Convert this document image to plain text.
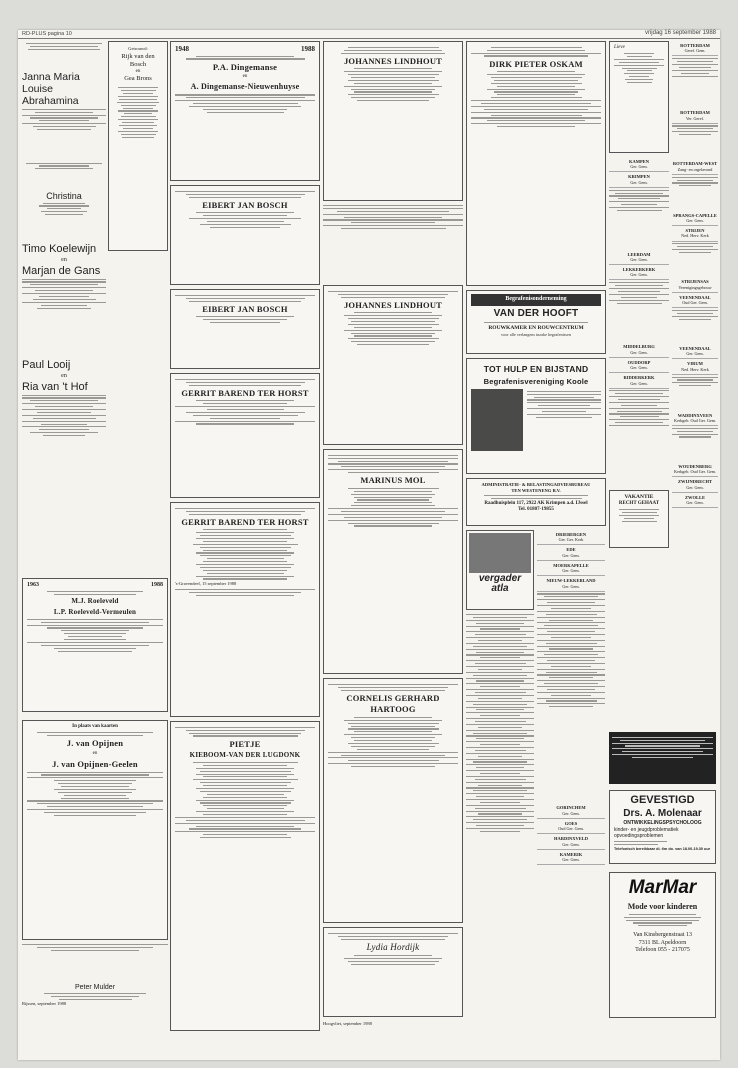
RD-PLUS pagina 10	vrijdag 16 september 1988
Janna Maria
Louise Abrahamina
Christina
Timo Koelewijn
en
Marjan de Gans
Paul Looij
en
Ria van 't Hof

Getrouwd:

Rijk van den Bosch
en
Gea Brons
1963	1988
M.J. Roeleveld
L.P. Roeleveld-Vermeulen
In plaats van kaarten
J. van Opijnen
en
J. van Opijnen-Geelen
Peter Mulder
Rijssen, september 1988
1948	1988
P.A. Dingemanse
en
A. Dingemanse-Nieuwenhuyse
EIBERT JAN BOSCH
EIBERT JAN BOSCH
GERRIT BAREND TER HORST
GERRIT BAREND TER HORST
's-Gravendeel, 15 september 1988
PIETJE
KIEBOOM-VAN DER LUGDONK
JOHANNES LINDHOUT
JOHANNES LINDHOUT
MARINUS MOL
CORNELIS GERHARD
HARTOOG
Lydia Hordijk
Hoogvliet, september 1988
DIRK PIETER OSKAM
Begrafenisonderneming
VAN DER HOOFT
ROUWKAMER EN ROUWCENTRUM
voor alle verlangens inzake begrafenissen
TOT HULP EN BIJSTAND
Begrafenisvereniging Koole
ADMINISTRATIE- & BELASTINGADVIESBUREAU
TEN WESTENENG B.V.
Raadhuisplein 117, 2922 AK Krimpen a.d. IJssel
Tel. 01807-19855
vergader
atla
DRIEBERGEN
Ger. Ger. Kerk
EDE
Ger. Gem.
MOERKAPELLE
Ger. Gem.
NIEUW-LEKKERLAND
Ger. Gem.
GORINCHEM
Ger. Gem.
GOES
Oud Ger. Gem.
HARDINXVELD
Ger. Gem.
KAMERIK
Ger. Gem.
Lieve
KAMPEN
Ger. Gem.
KRIMPEN
Ger. Gem.
LEERDAM
Ger. Gem.
LEKKERKERK
Ger. Gem.
MIDDELBURG
Ger. Gem.
OUDDORP
Ger. Gem.
RIDDERKERK
Ger. Gem.
VAKANTIE
RECHT GEHAAT
GEVESTIGD
Drs. A. Molenaar
ONTWIKKELINGSPSYCHOLOOG
kinder- en jeugdproblematiek
opvoedingsproblemen
Telefonisch bereikbaar di. t/m do. van 18.00-19.30 uur
MarMar
Mode voor kinderen
Van Kinsbergenstraat 13
7311 BL Apeldoorn
Telefoon 055 - 217075
ROTTERDAM
Geref. Gem.
ROTTERDAM
Ver. Geref.
ROTTERDAM-WEST
Zang- en orgelavond
SPRANGS-CAPELLE
Ger. Gem.
STRIJEN
Ned. Herv. Kerk
STRIJENSAS
Verenigingsgebouw
VEENENDAAL
Oud Ger. Gem.
VEENENDAAL
Ger. Gem.
VIRUM
Ned. Herv. Kerk
WADDINXVEEN
Kerkgeb. Oud Ger. Gem.
WOUDENBERG
Kerkgeb. Oud Ger. Gem.
ZWIJNDRECHT
Ger. Gem.
ZWOLLE
Ger. Gem.
